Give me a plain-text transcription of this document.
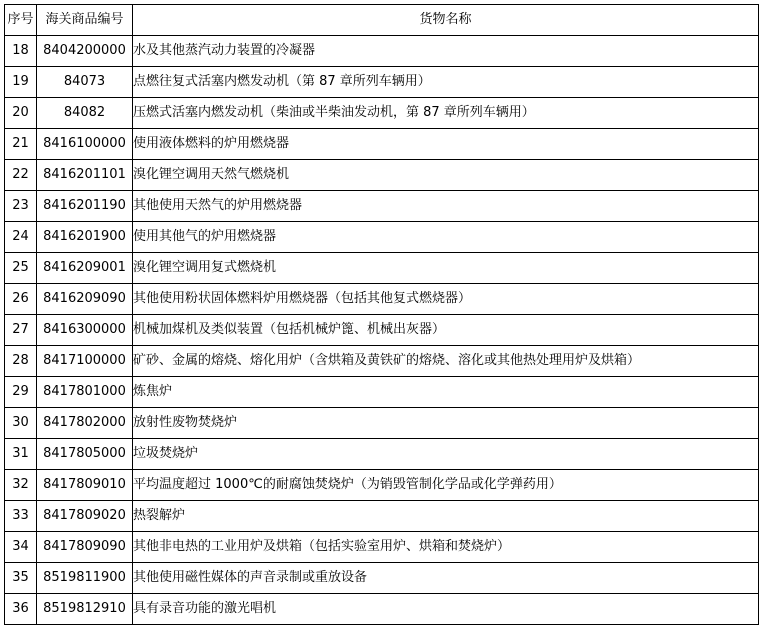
序号	海关商品编号	货物名称
18	8404200000	水及其他蒸汽动力装置的冷凝器
19	84073	点燃往复式活塞内燃发动机（第 87 章所列车辆用）
20	84082	压燃式活塞内燃发动机（柴油或半柴油发动机，第 87 章所列车辆用）
21	8416100000	使用液体燃料的炉用燃烧器
22	8416201101	溴化锂空调用天然气燃烧机
23	8416201190	其他使用天然气的炉用燃烧器
24	8416201900	使用其他气的炉用燃烧器
25	8416209001	溴化锂空调用复式燃烧机
26	8416209090	其他使用粉状固体燃料炉用燃烧器（包括其他复式燃烧器）
27	8416300000	机械加煤机及类似装置（包括机械炉篦、机械出灰器）
28	8417100000	矿砂、金属的熔烧、熔化用炉（含烘箱及黄铁矿的熔烧、溶化或其他热处理用炉及烘箱）
29	8417801000	炼焦炉
30	8417802000	放射性废物焚烧炉
31	8417805000	垃圾焚烧炉
32	8417809010	平均温度超过 1000℃的耐腐蚀焚烧炉（为销毁管制化学品或化学弹药用）
33	8417809020	热裂解炉
34	8417809090	其他非电热的工业用炉及烘箱（包括实验室用炉、烘箱和焚烧炉）
35	8519811900	其他使用磁性媒体的声音录制或重放设备
36	8519812910	具有录音功能的激光唱机
